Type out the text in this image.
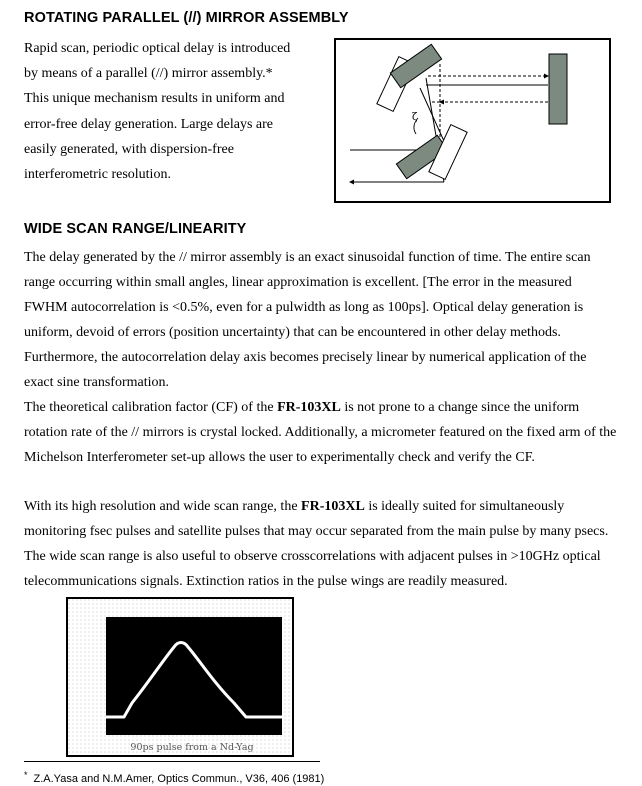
ROTATING PARALLEL (//) MIRROR ASSEMBLY

Rapid scan, periodic optical delay is introduced
by means of a parallel (//) mirror assembly.*
This unique mechanism results in uniform and
error-free delay generation. Large delays are
easily generated, with dispersion-free
interferometric resolution.

ζ
WIDE SCAN RANGE/LINEARITY

The delay generated by the // mirror assembly is an exact sinusoidal function of time. The entire scan range occurring within small angles, linear approximation is excellent. [The error in the measured FWHM autocorrelation is <0.5%, even for a pulwidth as long as 100ps]. Optical delay generation is uniform, devoid of errors (position uncertainty) that can be encountered in other delay methods. Furthermore, the autocorrelation delay axis becomes precisely linear by numerical application of the exact sine transformation.

The theoretical calibration factor (CF) of the FR-103XL is not prone to a change since the uniform rotation rate of the // mirrors is crystal locked. Additionally, a micrometer featured on the fixed arm of the Michelson Interferometer set-up allows the user to experimentally check and verify the CF.

With its high resolution and wide scan range, the FR-103XL is ideally suited for simultaneously monitoring fsec pulses and satellite pulses that may occur separated from the main pulse by many psecs. The wide scan range is also useful to observe crosscorrelations with adjacent pulses in >10GHz optical telecommunications signals. Extinction ratios in the pulse wings are readily measured.

90ps pulse from a Nd-Yag

* Z.A.Yasa and N.M.Amer, Optics Commun., V36, 406 (1981)
